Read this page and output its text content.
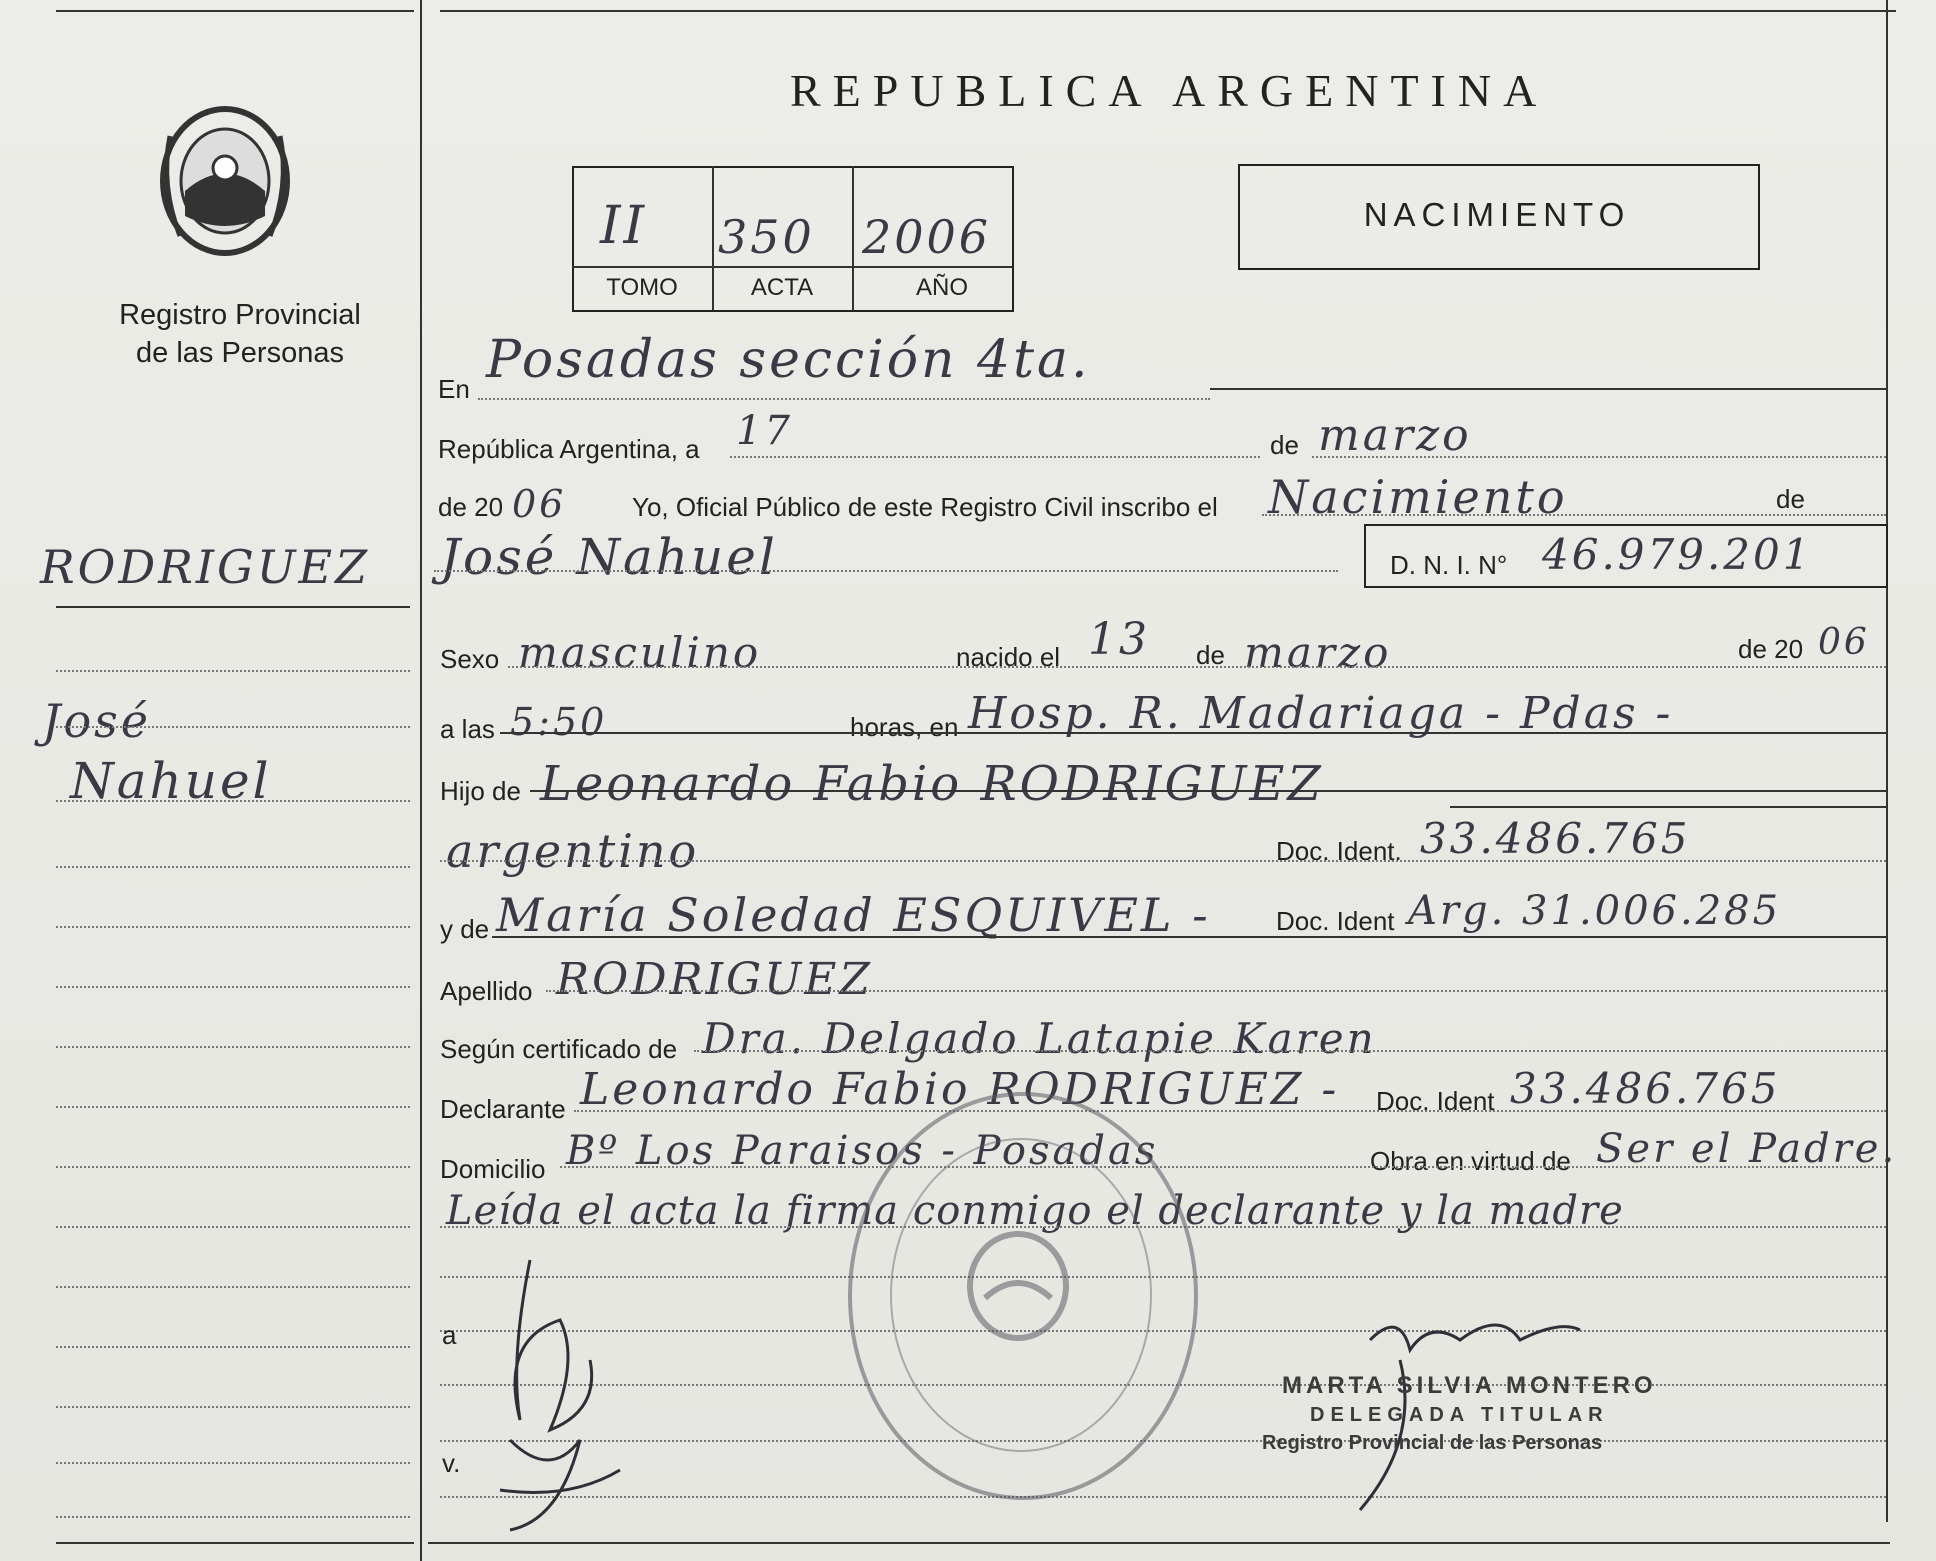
Registro Provincial
de las Personas
RODRIGUEZ
José
Nahuel
REPUBLICA ARGENTINA
II 350 2006
TOMO	ACTA	AÑO
NACIMIENTO
En Posadas sección 4ta.
República Argentina, a 17	de marzo
de 20 06	Yo, Oficial Público de este Registro Civil inscribo el Nacimiento	de
José Nahuel	D. N. I. N° 46.979.201
Sexo masculino	nacido el 13 de marzo	de 20 06
a las 5:50	horas, en Hosp. R. Madariaga - Pdas -
Hijo de Leonardo Fabio RODRIGUEZ
argentino	Doc. Ident. 33.486.765
y de María Soledad ESQUIVEL -	Doc. Ident Arg. 31.006.285
Apellido RODRIGUEZ
Según certificado de Dra. Delgado Latapie Karen
Declarante Leonardo Fabio RODRIGUEZ - Doc. Ident 33.486.765
Domicilio Bº Los Paraisos - Posadas	Obra en virtud de Ser el Padre.
Leída el acta la firma conmigo el declarante y la madre
a
v.
MARTA SILVIA MONTERO
DELEGADA TITULAR
Registro Provincial de las Personas
